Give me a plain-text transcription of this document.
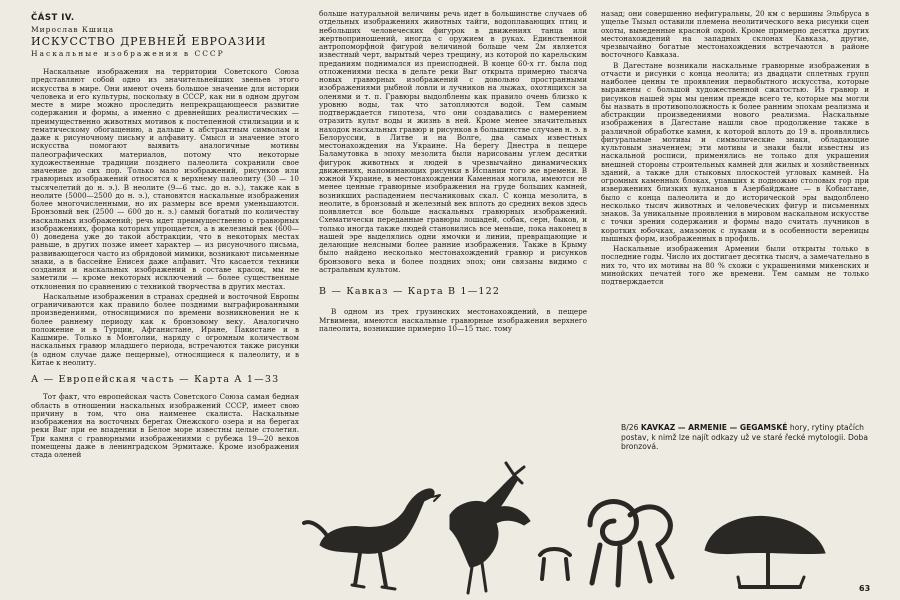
ČÁST IV.
Мирослав Кшица
ИСКУССТВО ДРЕВНЕЙ ЕВРОАЗИИ
Наскальные изображения в СССР

Наскальные изображения на территории Советского Союза представляют собой одно из значительнейших звеньев этого искусства в мире. Они имеют очень большое значение для истории человека и его культуры, поскольку в СССР, как ни в одном другом месте в мире можно проследить непрекращающееся развитие содержания и формы, а именно с древнейших реалистических — преимущественно животных мотивов к постепенной стилизации и к тематическому обогащению, а дальше к абстрактным символам и даже к рисуночному письму и алфавиту. Смысл и значение этого искусства помогают выявить аналогичные мотивы палеографических материалов, потому что некоторые художественные традиции позднего палеолита сохранили свое значение до сих пор. Только мало изображений, рисунков или гравюрных изображений относятся к верхнему палеолиту (30 — 10 тысячелетий до н. э.). В неолите (9—6 тыс. до н. э.), также как в неолите (5000—2500 до н. э.), становятся наскальные изображения более многочисленными, но их размеры все время уменьшаются. Бронзовый век (2500 — 600 до н. э.) самый богатый по количеству наскальных изображений; речь идет преимущественно о гравюрных изображениях, форма которых упрощается, а в железный век (600—0) доведена уже до такой абстракции, что в некоторых местах раньше, в других позже имеет характер — из рисуночного письма, развивающегося часто из обрядовой мимики, возникают письменные знаки, а в бассейне Енисея даже алфавит. Что касается техники создания и наскальных изображений в составе красок, мы не заметили — кроме некоторых исключений — более существенные отклонения по сравнению с техникой творчества в других местах.

Наскальные изображения в странах средней и восточной Европы ограничиваются как правило более поздними выграфированными произведениями, относящимися по времени возникновения не к более раннему периоду как к бронзовому веку. Аналогично положение и в Турции, Афганистане, Иране, Пакистане и в Кашмире. Только в Монголии, наряду с огромным количеством наскальных гравюр младшего периода, встречаются также рисунки (в одном случае даже пещерные), относящиеся к палеолиту, и в Китае к неолиту.

А — Европейская часть — Карта А 1—33

Тот факт, что европейская часть Советского Союза самая бедная область в отношении наскальных изображений СССР, имеет свою причину в том, что она наименее скалиста. Наскальные изображения на восточных берегах Онежского озера и на берегах реки Выг при ее впадении в Белое море известны целые столетия. Три камня с гравюрными изображениями с рубежа 19—20 веков помещены даже в ленинградском Эрмитаже. Кроме изображения стада оленей

больше натуральной величины речь идет в большинстве случаев об отдельных изображениях животных тайги, водоплавающих птиц и небольших человеческих фигурок в движениях танца или жертвоприношений, иногда с оружием в руках. Единственной антропоморфной фигурой величиной больше чем 2м является известный черт, вырытый через трещину, из которой по карельским преданиям поднимался из преисподней. В конце 60-х гг. была под отложениями песка в дельте реки Выг открыта примерно тысяча новых гравюрных изображений с довольно пространными изображениями рыбной ловли и лучников на лыжах, охотящихся за оленями и т. п. Гравюры выдолблены как правило очень близко к уровню воды, так что затопляются водой. Тем самым подтверждается гипотеза, что они создавались с намерением отразить культ воды и жизнь в ней. Кроме менее значительных находок наскальных гравюр и рисунков в большинстве случаев н. э. в Белоруссии, в Литве и на Волге, два самых известных местонахождения на Украине. На берегу Днестра в пещере Баламутовка в эпоху мезолита были нарисованы углем десятки фигурок животных и людей в чрезвычайно динамических движениях, напоминающих рисунки в Испании того же времени. В южной Украине, в местонахождении Каменная могила, имеются не менее ценные гравюрные изображения на груде больших камней, возникших распадением песчаниковых скал. С конца мезолита, в неолите, в бронзовый и железный век вплоть до средних веков здесь появляется все больше наскальных гравюрных изображений. Схематически переданные гравюры лошадей, собак, серн, быков, и только иногда также людей становились все меньше, пока наконец в нашей эре выделялись одни ямочки и линии, превращающие и делающие неясными более ранние изображения. Также в Крыму было найдено несколько местонахождений гравюр и рисунков бронзового века и более поздних эпох; они связаны видимо с астральным культом.

В — Кавказ — Карта В 1—122

В одном из трех грузинских местонахождений, в пещере Мгвимеви, имеются наскальные гравюрные изображения верхнего палеолита, возникшие примерно 10—15 тыс. тому

назад; они совершенно нефигуральны, 20 км с вершины Эльбруса в ущелье Тызыл оставили племена неолитического века рисунки сцен охоты, выведенные красной охрой. Кроме примерно десятка других местонахождений на западных склонах Кавказа, другие, чрезвычайно богатые местонахождения встречаются в районе восточного Кавказа.

В Дагестане возникали наскальные гравюрные изображения в отчасти и рисунки с конца неолита; из двадцати сплетных групп наиболее ценны те проявления первобытного искусства, которые выражены с большой художественной сжатостью. Из гравюр и рисунков нашей эры мы ценим прежде всего те, которые мы могли бы назвать в противоположность к более ранним эпохам реализма и абстракции произведениями нового реализма. Наскальные изображения в Дагестане нашли свое продолжение также в различной обработке камня, к которой вплоть до 19 в. проявлялись фигуральные мотивы и символические знаки, обладающие культовым значением; эти мотивы и знаки были известны из наскальной росписи, применялись не только для украшения внешней стороны строительных камней для жилых и хозяйственных зданий, а также для стыковых плоскостей угловых камней. На огромных каменных блоках, упавших к подножью столовых гор при извержениях близких вулканов в Азербайджане — в Кобыстане, было с конца палеолита и до исторической эры выдолблено несколько тысяч животных и человеческих фигур и письменных знаков. За уникальные проявления в мировом наскальном искусстве с точки зрения содержания и формы надо считать лучников в коротких юбочках, амазонок с луками и в особенности вереницы пышных форм, изображенных в профиль.

Наскальные изображения Армении были открыты только в последние годы. Число их достигает десятка тысяч, а замечательно в них то, что их мотивы на 80 % схожи с украшениями микенских и минойских печатей того же времени. Тем самым не только подтверждается

B/26 KAVKAZ — ARMENIE — GEGAMSKÉ hory, rytiny ptačích postav, k nimž lze najít odkazy už ve staré řecké mytologii. Doba bronzová.
63
